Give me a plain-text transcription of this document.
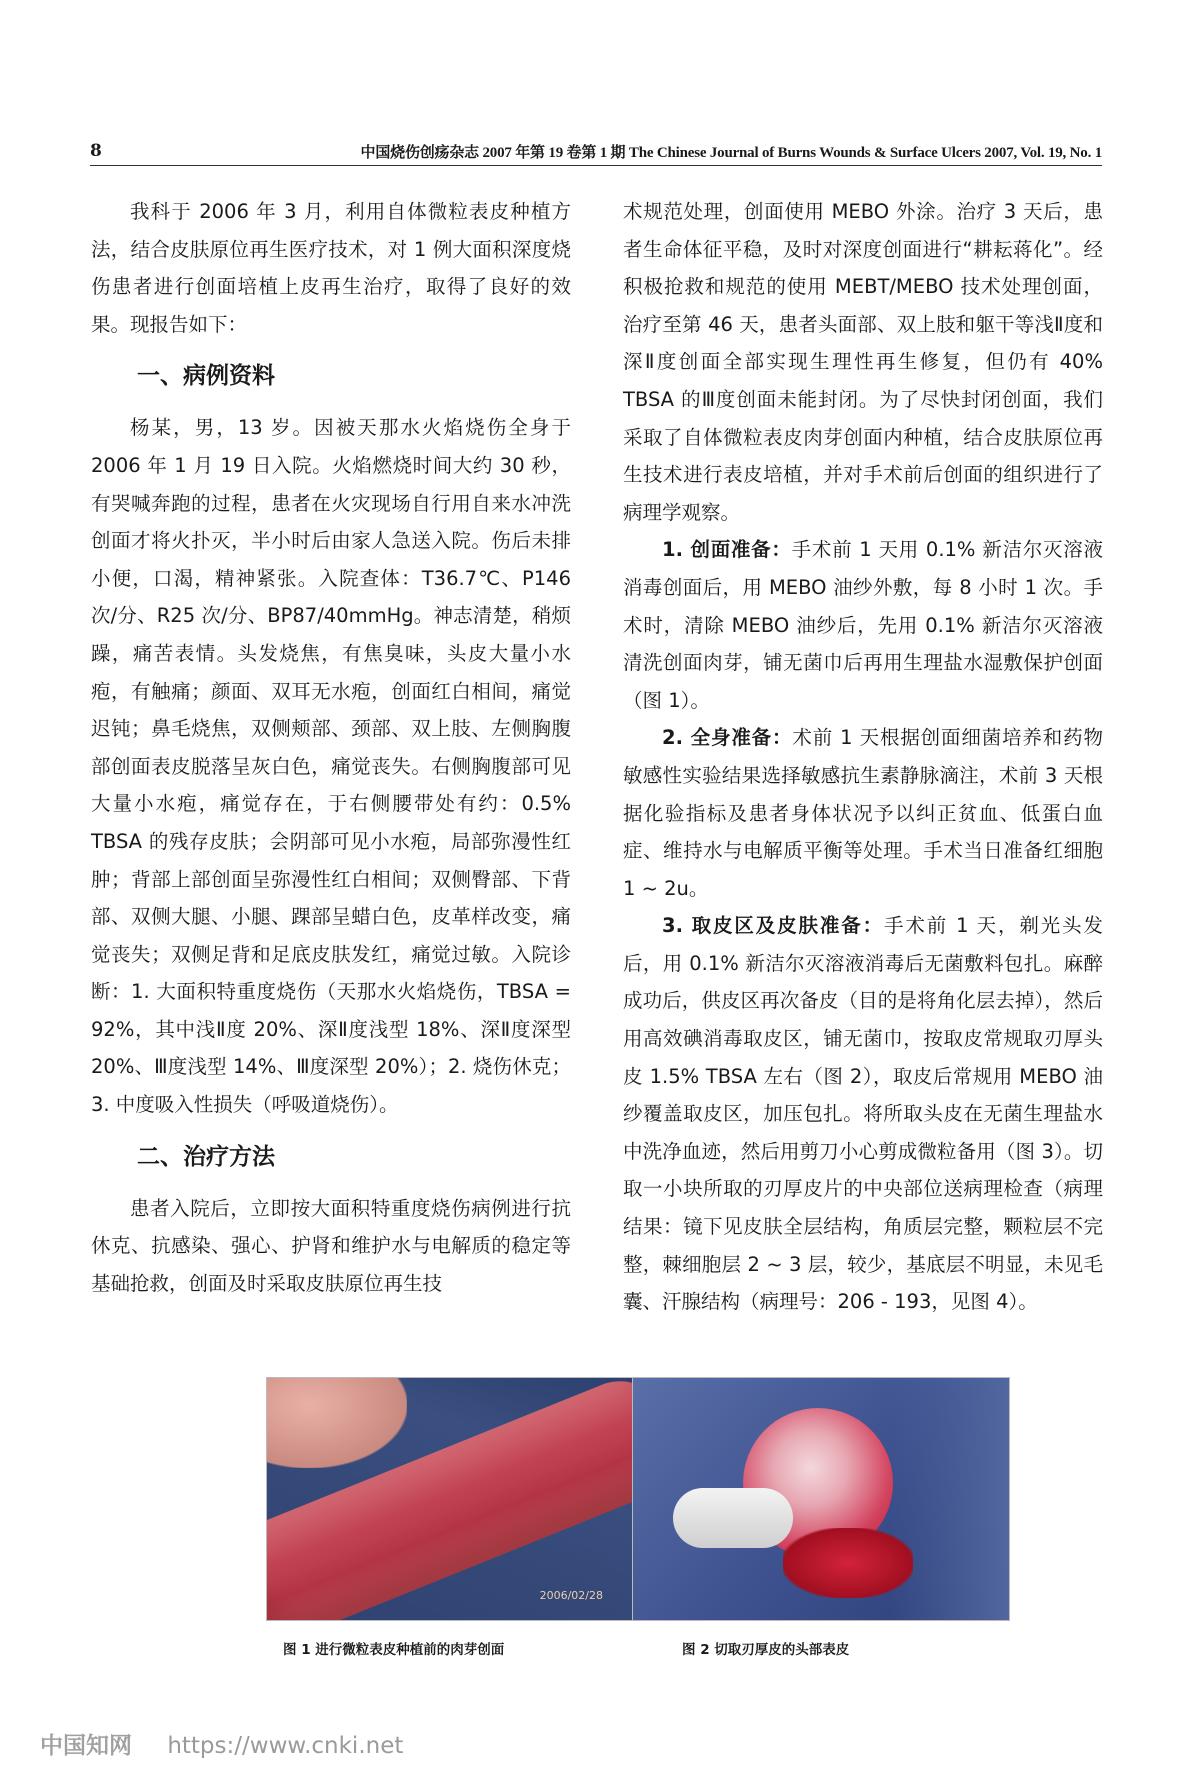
8	中国烧伤创疡杂志 2007 年第 19 卷第 1 期 The Chinese Journal of Burns Wounds & Surface Ulcers 2007, Vol. 19, No. 1

我科于 2006 年 3 月，利用自体微粒表皮种植方法，结合皮肤原位再生医疗技术，对 1 例大面积深度烧伤患者进行创面培植上皮再生治疗，取得了良好的效果。现报告如下：

一、病例资料

杨某，男，13 岁。因被天那水火焰烧伤全身于 2006 年 1 月 19 日入院。火焰燃烧时间大约 30 秒，有哭喊奔跑的过程，患者在火灾现场自行用自来水冲洗创面才将火扑灭，半小时后由家人急送入院。伤后未排小便，口渴，精神紧张。入院查体：T36.7℃、P146 次/分、R25 次/分、BP87/40mmHg。神志清楚，稍烦躁，痛苦表情。头发烧焦，有焦臭味，头皮大量小水疱，有触痛；颜面、双耳无水疱，创面红白相间，痛觉迟钝；鼻毛烧焦，双侧颊部、颈部、双上肢、左侧胸腹部创面表皮脱落呈灰白色，痛觉丧失。右侧胸腹部可见大量小水疱，痛觉存在，于右侧腰带处有约：0.5% TBSA 的残存皮肤；会阴部可见小水疱，局部弥漫性红肿；背部上部创面呈弥漫性红白相间；双侧臀部、下背部、双侧大腿、小腿、踝部呈蜡白色，皮革样改变，痛觉丧失；双侧足背和足底皮肤发红，痛觉过敏。入院诊断：1. 大面积特重度烧伤（天那水火焰烧伤，TBSA = 92%，其中浅Ⅱ度 20%、深Ⅱ度浅型 18%、深Ⅱ度深型 20%、Ⅲ度浅型 14%、Ⅲ度深型 20%）；2. 烧伤休克；3. 中度吸入性损失（呼吸道烧伤）。

二、治疗方法

患者入院后，立即按大面积特重度烧伤病例进行抗休克、抗感染、强心、护肾和维护水与电解质的稳定等基础抢救，创面及时采取皮肤原位再生技

术规范处理，创面使用 MEBO 外涂。治疗 3 天后，患者生命体征平稳，及时对深度创面进行“耕耘蒋化”。经积极抢救和规范的使用 MEBT/MEBO 技术处理创面，治疗至第 46 天，患者头面部、双上肢和躯干等浅Ⅱ度和深Ⅱ度创面全部实现生理性再生修复，但仍有 40% TBSA 的Ⅲ度创面未能封闭。为了尽快封闭创面，我们采取了自体微粒表皮肉芽创面内种植，结合皮肤原位再生技术进行表皮培植，并对手术前后创面的组织进行了病理学观察。

1. 创面准备：手术前 1 天用 0.1% 新洁尔灭溶液消毒创面后，用 MEBO 油纱外敷，每 8 小时 1 次。手术时，清除 MEBO 油纱后，先用 0.1% 新洁尔灭溶液清洗创面肉芽，铺无菌巾后再用生理盐水湿敷保护创面（图 1）。

2. 全身准备：术前 1 天根据创面细菌培养和药物敏感性实验结果选择敏感抗生素静脉滴注，术前 3 天根据化验指标及患者身体状况予以纠正贫血、低蛋白血症、维持水与电解质平衡等处理。手术当日准备红细胞 1 ~ 2u。

3. 取皮区及皮肤准备：手术前 1 天，剃光头发后，用 0.1% 新洁尔灭溶液消毒后无菌敷料包扎。麻醉成功后，供皮区再次备皮（目的是将角化层去掉），然后用高效碘消毒取皮区，铺无菌巾，按取皮常规取刃厚头皮 1.5% TBSA 左右（图 2），取皮后常规用 MEBO 油纱覆盖取皮区，加压包扎。将所取头皮在无菌生理盐水中洗净血迹，然后用剪刀小心剪成微粒备用（图 3）。切取一小块所取的刃厚皮片的中央部位送病理检查（病理结果：镜下见皮肤全层结构，角质层完整，颗粒层不完整，棘细胞层 2 ~ 3 层，较少，基底层不明显，未见毛囊、汗腺结构（病理号：206 - 193，见图 4）。

2006/02/28
图 1 进行微粒表皮种植前的肉芽创面	图 2 切取刃厚皮的头部表皮
中国知网 https://www.cnki.net
